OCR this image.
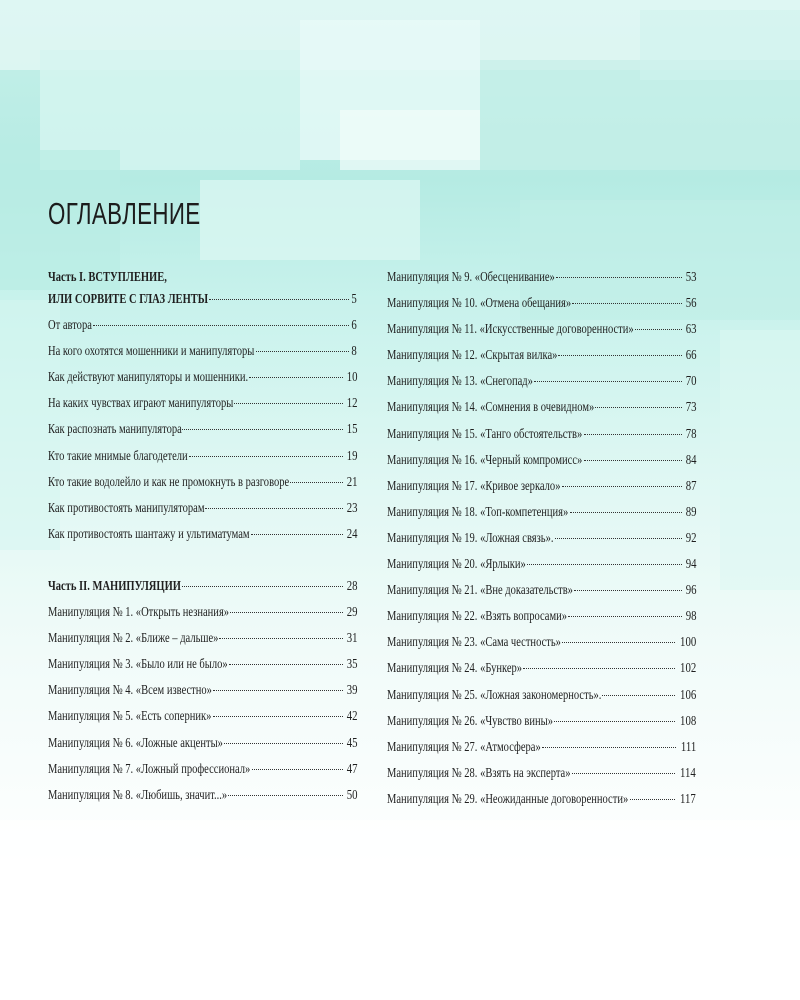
ОГЛАВЛЕНИЕ
Часть I. ВСТУПЛЕНИЕ,
ИЛИ СОРВИТЕ С ГЛАЗ ЛЕНТЫ	5
От автора	6
На кого охотятся мошенники и манипуляторы	8
Как действуют манипуляторы и мошенники.	10
На каких чувствах играют манипуляторы	12
Как распознать манипулятора	15
Кто такие мнимые благодетели	19
Кто такие водолейло и как не промокнуть в разговоре	21
Как противостоять манипуляторам	23
Как противостоять шантажу и ультиматумам	24
Часть II. МАНИПУЛЯЦИИ	28
Манипуляция № 1. «Открыть незнания»	29
Манипуляция № 2. «Ближе – дальше»	31
Манипуляция № 3. «Было или не было»	35
Манипуляция № 4. «Всем известно»	39
Манипуляция № 5. «Есть соперник»	42
Манипуляция № 6. «Ложные акценты»	45
Манипуляция № 7. «Ложный профессионал»	47
Манипуляция № 8. «Любишь, значит...»	50
Манипуляция № 9. «Обесценивание»	53
Манипуляция № 10. «Отмена обещания»	56
Манипуляция № 11. «Искусственные договоренности»	63
Манипуляция № 12. «Скрытая вилка»	66
Манипуляция № 13. «Снегопад»	70
Манипуляция № 14. «Сомнения в очевидном»	73
Манипуляция № 15. «Танго обстоятельств»	78
Манипуляция № 16. «Черный компромисс»	84
Манипуляция № 17. «Кривое зеркало»	87
Манипуляция № 18. «Топ-компетенция»	89
Манипуляция № 19. «Ложная связь».	92
Манипуляция № 20. «Ярлыки»	94
Манипуляция № 21. «Вне доказательств»	96
Манипуляция № 22. «Взять вопросами»	98
Манипуляция № 23. «Сама честность»	100
Манипуляция № 24. «Бункер»	102
Манипуляция № 25. «Ложная закономерность».	106
Манипуляция № 26. «Чувство вины»	108
Манипуляция № 27. «Атмосфера»	111
Манипуляция № 28. «Взять на эксперта»	114
Манипуляция № 29. «Неожиданные договоренности»	117
